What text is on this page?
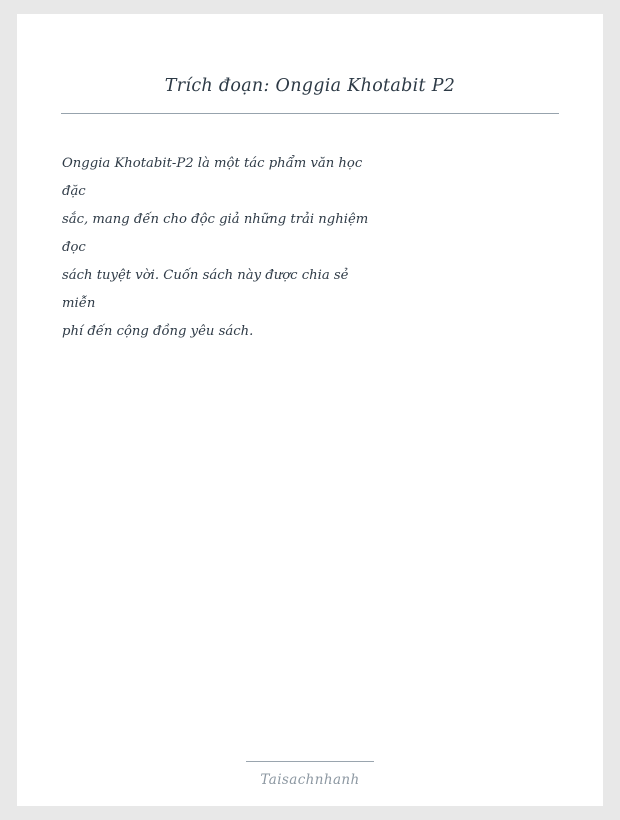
Trích đoạn: Onggia Khotabit P2
Onggia Khotabit-P2 là một tác phẩm văn học
đặc
sắc, mang đến cho độc giả những trải nghiệm
đọc
sách tuyệt vời. Cuốn sách này được chia sẻ
miễn
phí đến cộng đồng yêu sách.
Taisachnhanh
